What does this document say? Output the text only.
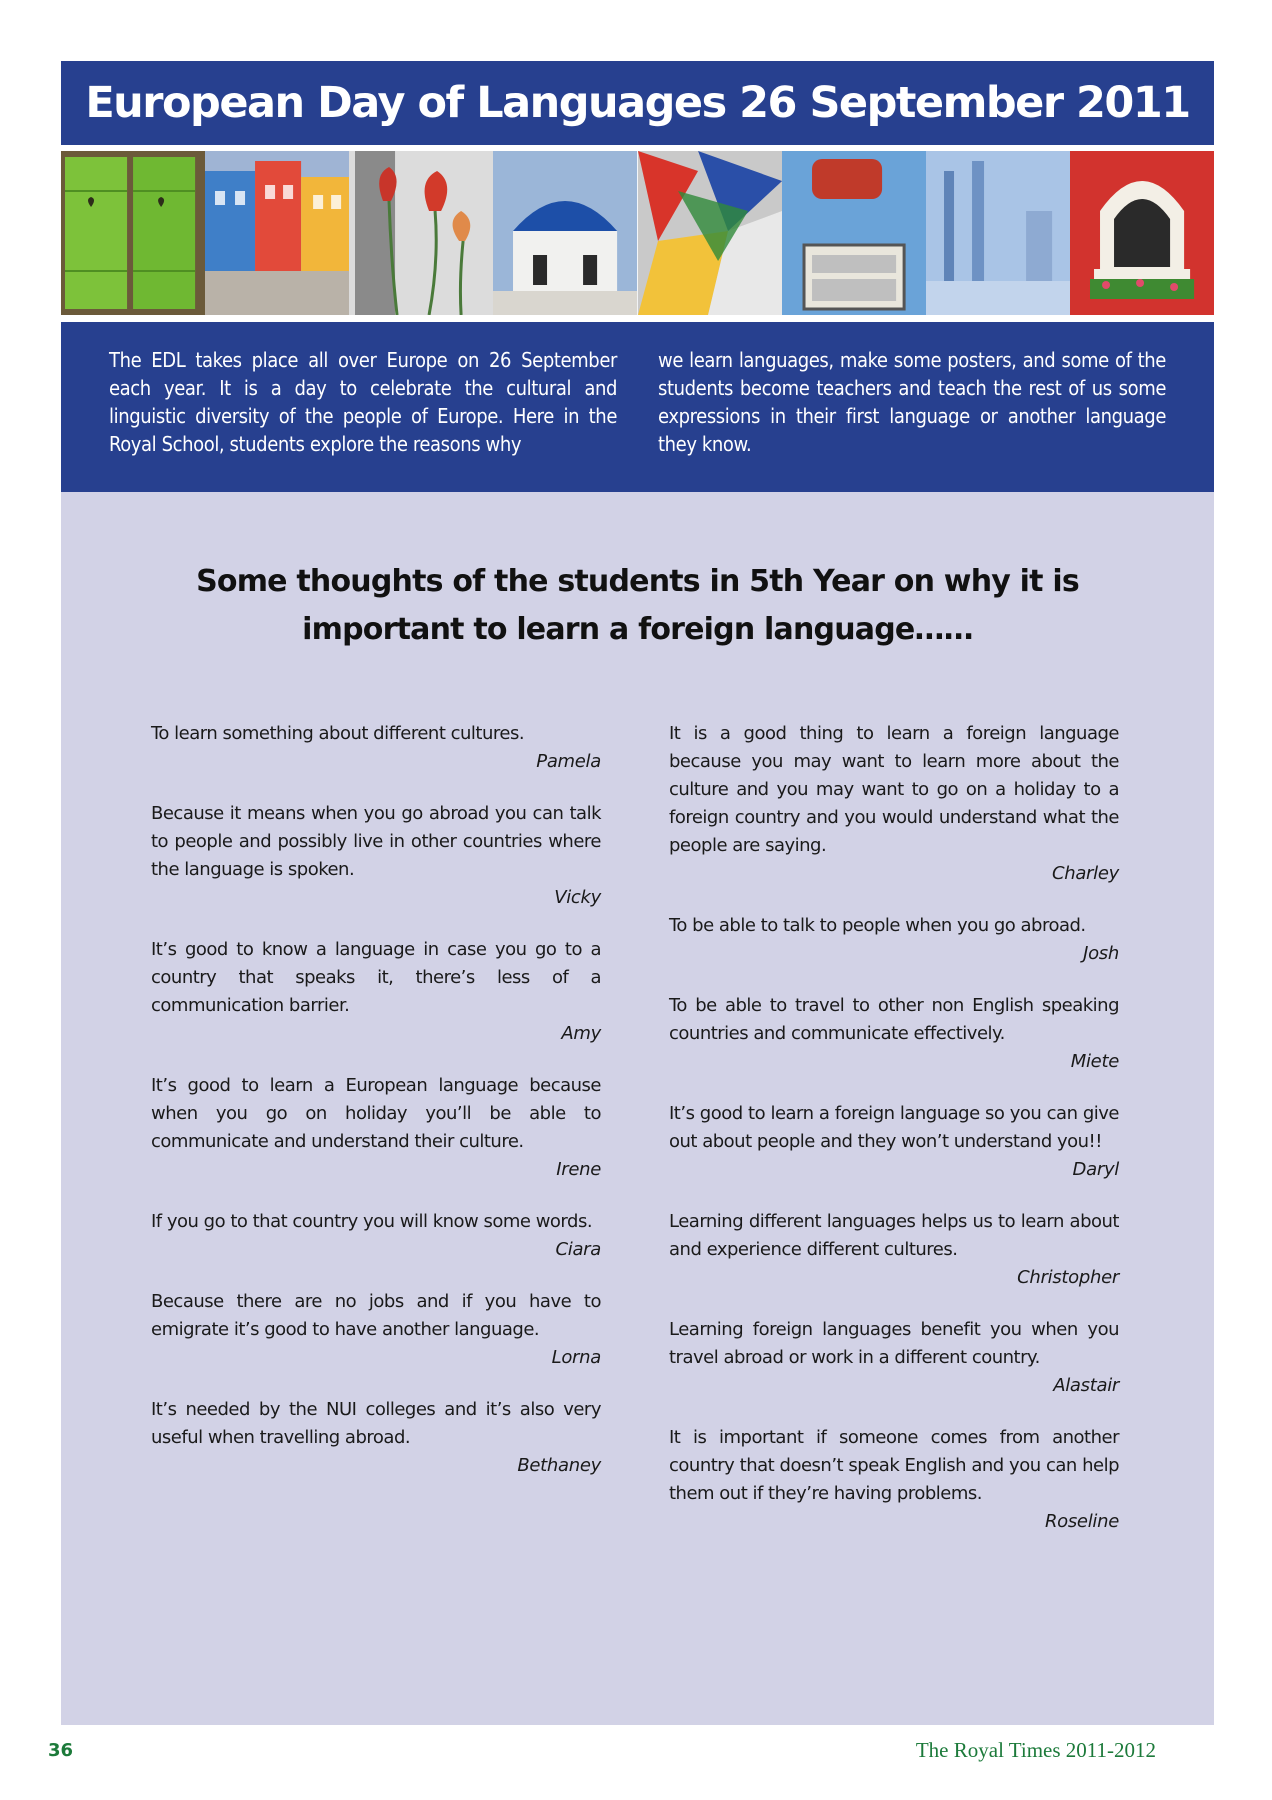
European Day of Languages 26 September 2011

The EDL takes place all over Europe on 26 September each year. It is a day to celebrate the cultural and linguistic diversity of the people of Europe. Here in the Royal School, students explore the reasons why

we learn languages, make some posters, and some of the students become teachers and teach the rest of us some expressions in their first language or another language they know.

Some thoughts of the students in 5th Year on why it is
important to learn a foreign language……
To learn something about different cultures.
Pamela
Because it means when you go abroad you can talk to people and possibly live in other countries where the language is spoken.
Vicky
It’s good to know a language in case you go to a country that speaks it, there’s less of a communication barrier.
Amy
It’s good to learn a European language because when you go on holiday you’ll be able to communicate and understand their culture.
Irene
If you go to that country you will know some words.
Ciara
Because there are no jobs and if you have to emigrate it’s good to have another language.
Lorna
It’s needed by the NUI colleges and it’s also very useful when travelling abroad.
Bethaney
It is a good thing to learn a foreign language because you may want to learn more about the culture and you may want to go on a holiday to a foreign country and you would understand what the people are saying.
Charley
To be able to talk to people when you go abroad.
Josh
To be able to travel to other non English speaking countries and communicate effectively.
Miete
It’s good to learn a foreign language so you can give out about people and they won’t understand you!!
Daryl
Learning different languages helps us to learn about and experience different cultures.
Christopher
Learning foreign languages benefit you when you travel abroad or work in a different country.
Alastair
It is important if someone comes from another country that doesn’t speak English and you can help them out if they’re having problems.
Roseline
36	The Royal Times 2011-2012
